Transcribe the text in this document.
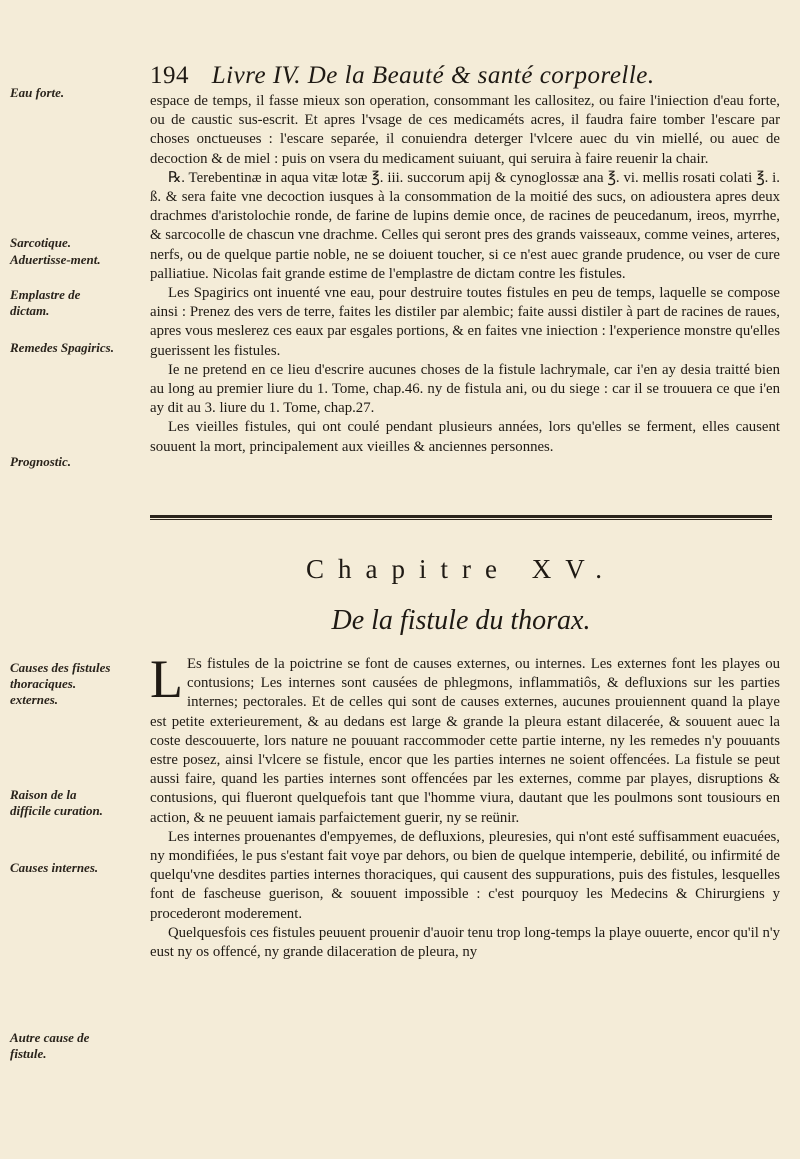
194 Livre IV. De la Beauté & santé corporelle.
Eau forte.
Sarcotique.
Aduertisse-ment.
Emplastre de dictam.
Remedes Spagirics.
Prognostic.
Causes des fistules thoraciques. externes.
Raison de la difficile curation.
Causes internes.
Autre cause de fistule.

espace de temps, il fasse mieux son operation, consommant les callositez, ou faire l'iniection d'eau forte, ou de caustic sus-escrit. Et apres l'vsage de ces medicaméts acres, il faudra faire tomber l'escare par choses onctueuses : l'escare separée, il conuiendra deterger l'vlcere auec du vin miellé, ou auec de decoction & de miel : puis on vsera du medicament suiuant, qui seruira à faire reuenir la chair.

℞. Terebentinæ in aqua vitæ lotæ ℥. iii. succorum apij & cynoglossæ ana ℥. vi. mellis rosati colati ℥. i. ß. & sera faite vne decoction iusques à la consommation de la moitié des sucs, on adioustera apres deux drachmes d'aristolochie ronde, de farine de lupins demie once, de racines de peucedanum, ireos, myrrhe, & sarcocolle de chascun vne drachme. Celles qui seront pres des grands vaisseaux, comme veines, arteres, nerfs, ou de quelque partie noble, ne se doiuent toucher, si ce n'est auec grande prudence, ou vser de cure palliatiue. Nicolas fait grande estime de l'emplastre de dictam contre les fistules.

Les Spagirics ont inuenté vne eau, pour destruire toutes fistules en peu de temps, laquelle se compose ainsi : Prenez des vers de terre, faites les distiler par alembic; faite aussi distiler à part de racines de raues, apres vous meslerez ces eaux par esgales portions, & en faites vne iniection : l'experience monstre qu'elles guerissent les fistules.

Ie ne pretend en ce lieu d'escrire aucunes choses de la fistule lachrymale, car i'en ay desia traitté bien au long au premier liure du 1. Tome, chap.46. ny de fistula ani, ou du siege : car il se trouuera ce que i'en ay dit au 3. liure du 1. Tome, chap.27.

Les vieilles fistules, qui ont coulé pendant plusieurs années, lors qu'elles se ferment, elles causent souuent la mort, principalement aux vieilles & anciennes personnes.

Chapitre XV.
De la fistule du thorax.

L Es fistules de la poictrine se font de causes externes, ou internes. Les externes font les playes ou contusions; Les internes sont causées de phlegmons, inflammatiôs, & defluxions sur les parties internes; pectorales. Et de celles qui sont de causes externes, aucunes prouiennent quand la playe est petite exterieurement, & au dedans est large & grande la pleura estant dilacerée, & souuent auec la coste descouuerte, lors nature ne pouuant raccommoder cette partie interne, ny les remedes n'y pouuants estre posez, ainsi l'vlcere se fistule, encor que les parties internes ne soient offencées. La fistule se peut aussi faire, quand les parties internes sont offencées par les externes, comme par playes, disruptions & contusions, qui flueront quelquefois tant que l'homme viura, dautant que les poulmons sont tousiours en action, & ne peuuent iamais parfaictement guerir, ny se reünir.

Les internes prouenantes d'empyemes, de defluxions, pleuresies, qui n'ont esté suffisamment euacuées, ny mondifiées, le pus s'estant fait voye par dehors, ou bien de quelque intemperie, debilité, ou infirmité de quelqu'vne desdites parties internes thoraciques, qui causent des suppurations, puis des fistules, lesquelles font de fascheuse guerison, & souuent impossible : c'est pourquoy les Medecins & Chirurgiens y procederont moderement.

Quelquesfois ces fistules peuuent prouenir d'auoir tenu trop long-temps la playe ouuerte, encor qu'il n'y eust ny os offencé, ny grande dilaceration de pleura, ny
